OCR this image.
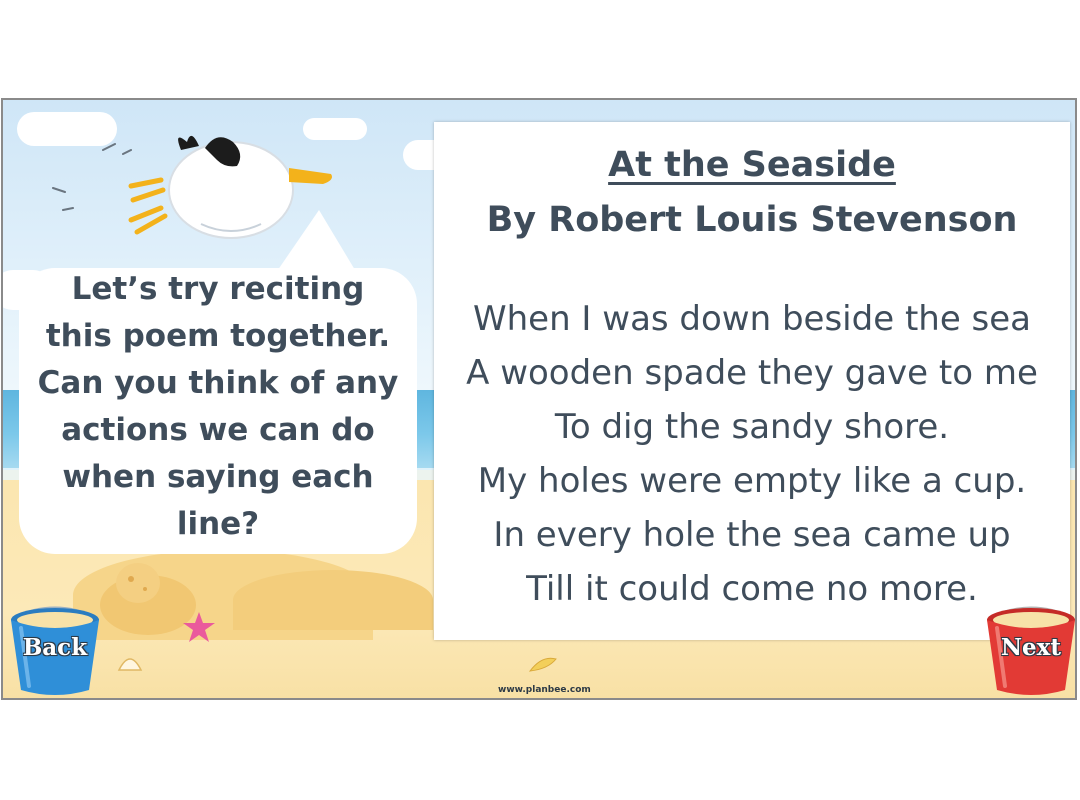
Let’s try reciting
this poem together.
Can you think of any
actions we can do
when saying each
line?

At the Seaside

By Robert Louis Stevenson

When I was down beside the sea

A wooden spade they gave to me

To dig the sandy shore.

My holes were empty like a cup.

In every hole the sea came up

Till it could come no more.

Back	Next
www.planbee.com
